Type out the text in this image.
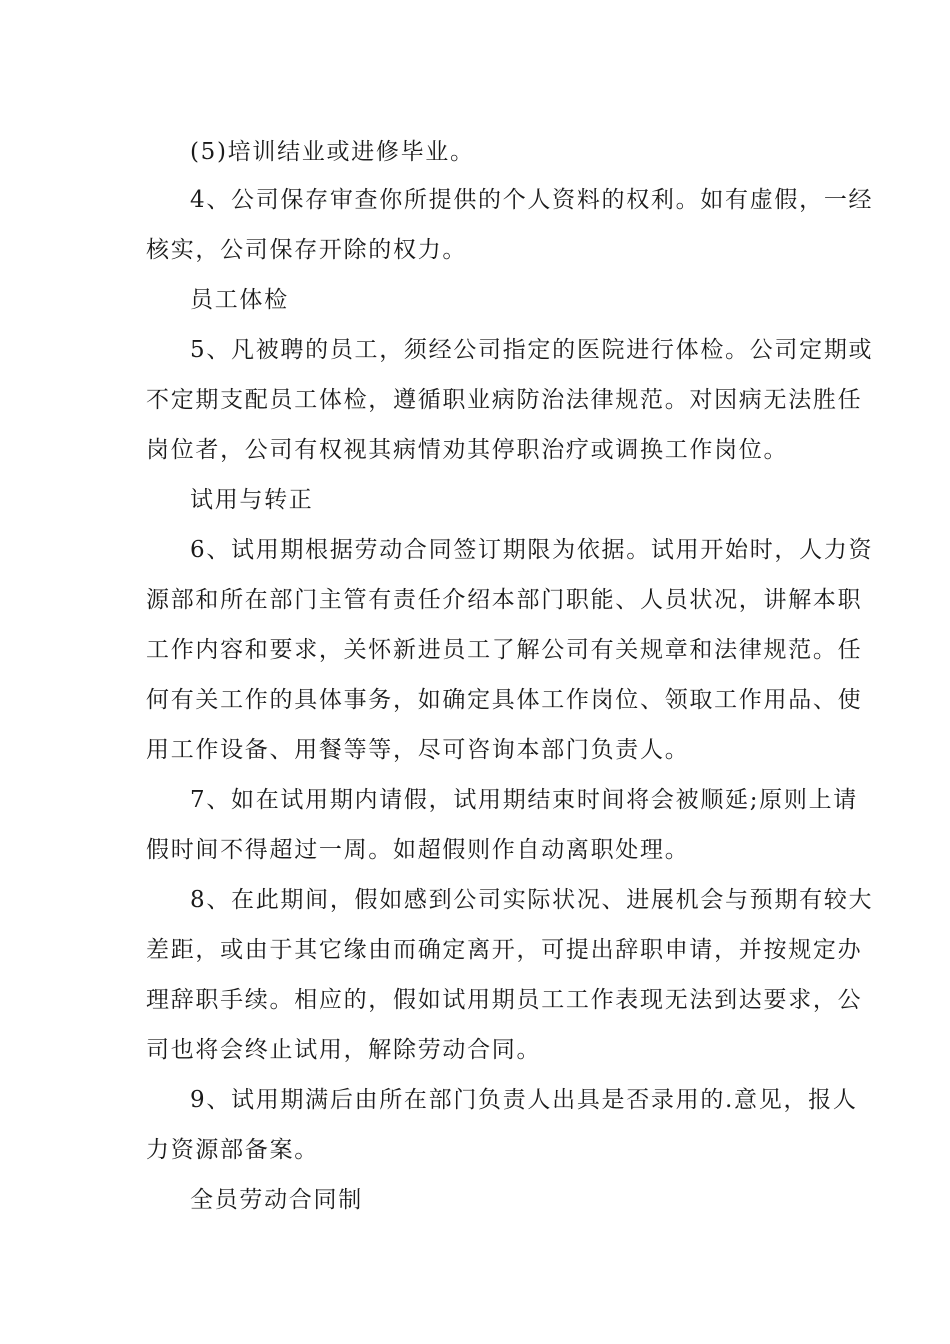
(5)培训结业或进修毕业。

4、公司保存审查你所提供的个人资料的权利。如有虚假，一经

核实，公司保存开除的权力。

员工体检

5、凡被聘的员工，须经公司指定的医院进行体检。公司定期或

不定期支配员工体检，遵循职业病防治法律规范。对因病无法胜任

岗位者，公司有权视其病情劝其停职治疗或调换工作岗位。

试用与转正

6、试用期根据劳动合同签订期限为依据。试用开始时，人力资

源部和所在部门主管有责任介绍本部门职能、人员状况，讲解本职

工作内容和要求，关怀新进员工了解公司有关规章和法律规范。任

何有关工作的具体事务，如确定具体工作岗位、领取工作用品、使

用工作设备、用餐等等，尽可咨询本部门负责人。

7、如在试用期内请假，试用期结束时间将会被顺延;原则上请

假时间不得超过一周。如超假则作自动离职处理。

8、在此期间，假如感到公司实际状况、进展机会与预期有较大

差距，或由于其它缘由而确定离开，可提出辞职申请，并按规定办

理辞职手续。相应的，假如试用期员工工作表现无法到达要求，公

司也将会终止试用，解除劳动合同。

9、试用期满后由所在部门负责人出具是否录用的.意见，报人

力资源部备案。

全员劳动合同制
